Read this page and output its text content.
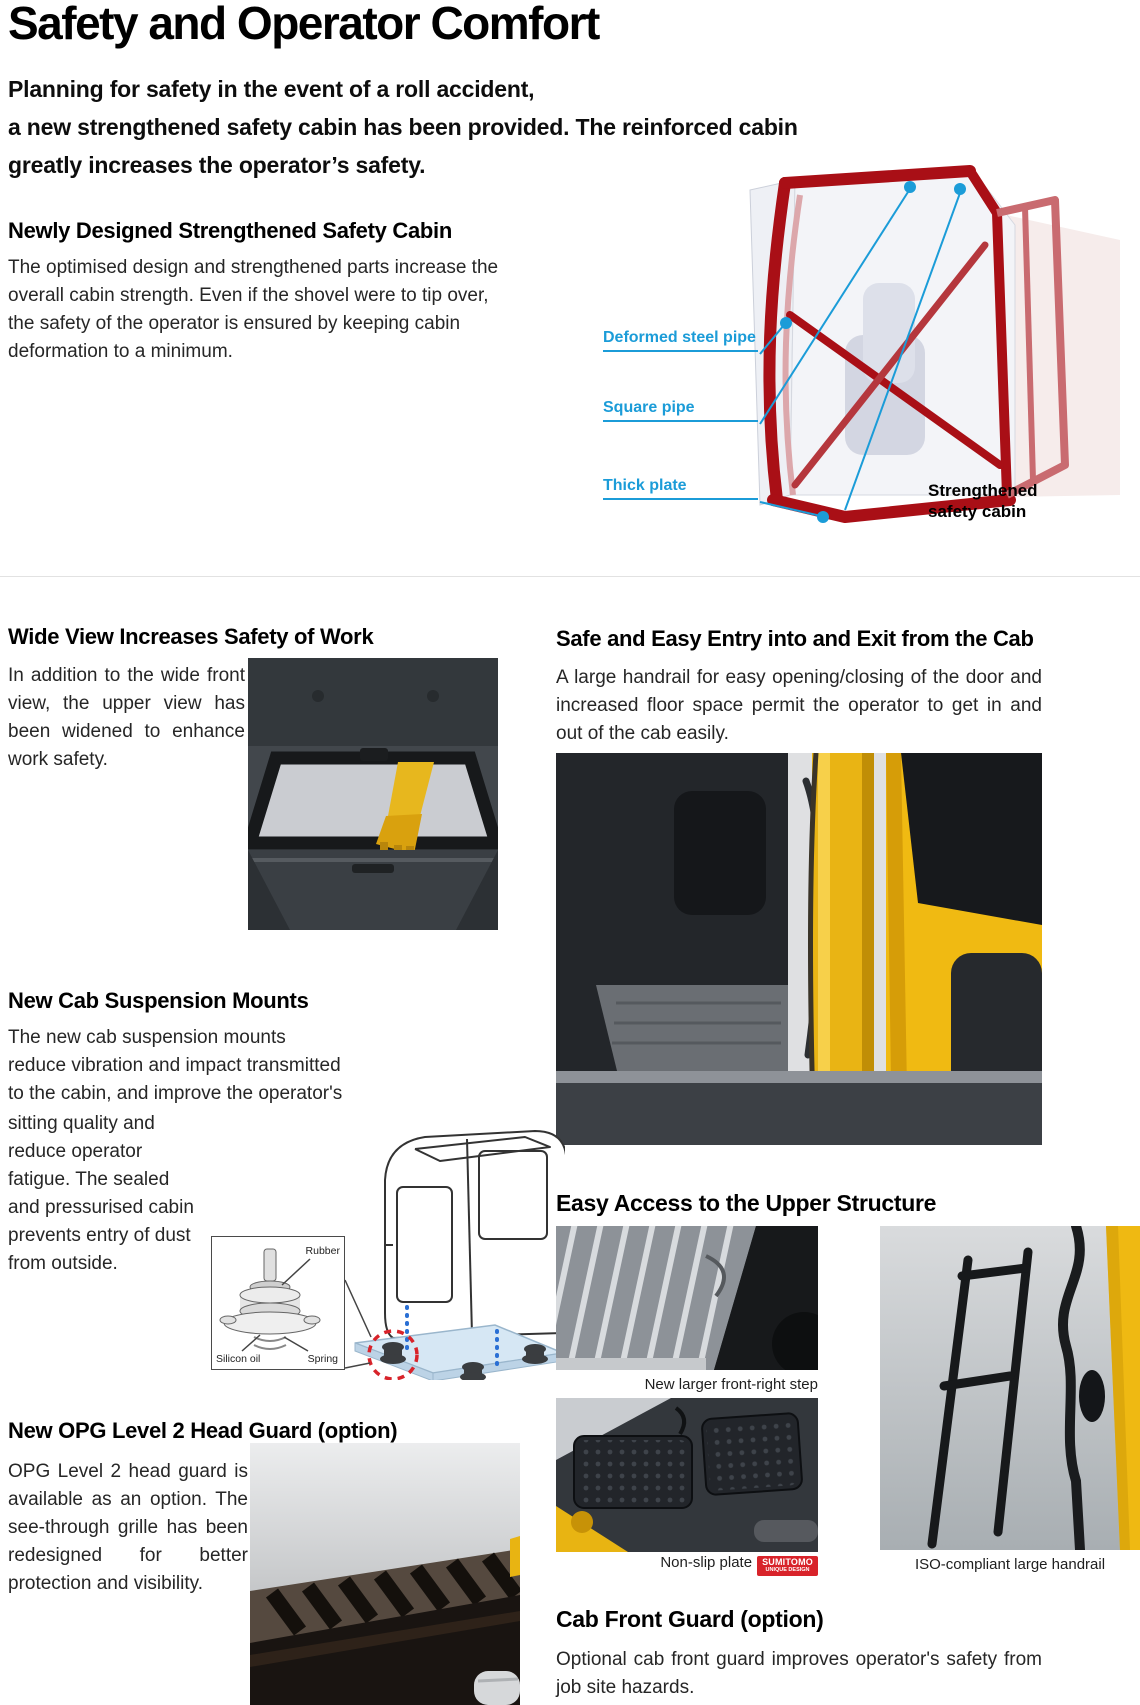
Safety and Operator Comfort
Planning for safety in the event of a roll accident,
a new strengthened safety cabin has been provided. The reinforced cabin
greatly increases the operator’s safety.
Newly Designed Strengthened Safety Cabin
The optimised design and strengthened parts increase the overall cabin strength. Even if the shovel were to tip over, the safety of the operator is ensured by keeping cabin deformation to a minimum.
Deformed steel pipe
Square pipe
Thick plate	Strengthened
safety cabin
Wide View Increases Safety of Work
In addition to the wide front view, the upper view has been widened to enhance work safety.
Safe and Easy Entry into and Exit from the Cab
A large handrail for easy opening/closing of the door and increased floor space permit the operator to get in and out of the cab easily.
New Cab Suspension Mounts
The new cab suspension mounts reduce vibration and impact transmitted to the cabin, and improve the operator's
sitting quality and reduce operator fatigue. The sealed and pressurised cabin prevents entry of dust from outside.
Rubber
Silicon oil	Spring
New OPG Level 2 Head Guard (option)
OPG Level 2 head guard is available as an option. The see-through grille has been redesigned for better protection and visibility.
Easy Access to the Upper Structure
New larger front-right step
Non-slip plate SUMITOMO
UNIQUE DESIGN	ISO-compliant large handrail
Cab Front Guard (option)
Optional cab front guard improves operator's safety from job site hazards.
